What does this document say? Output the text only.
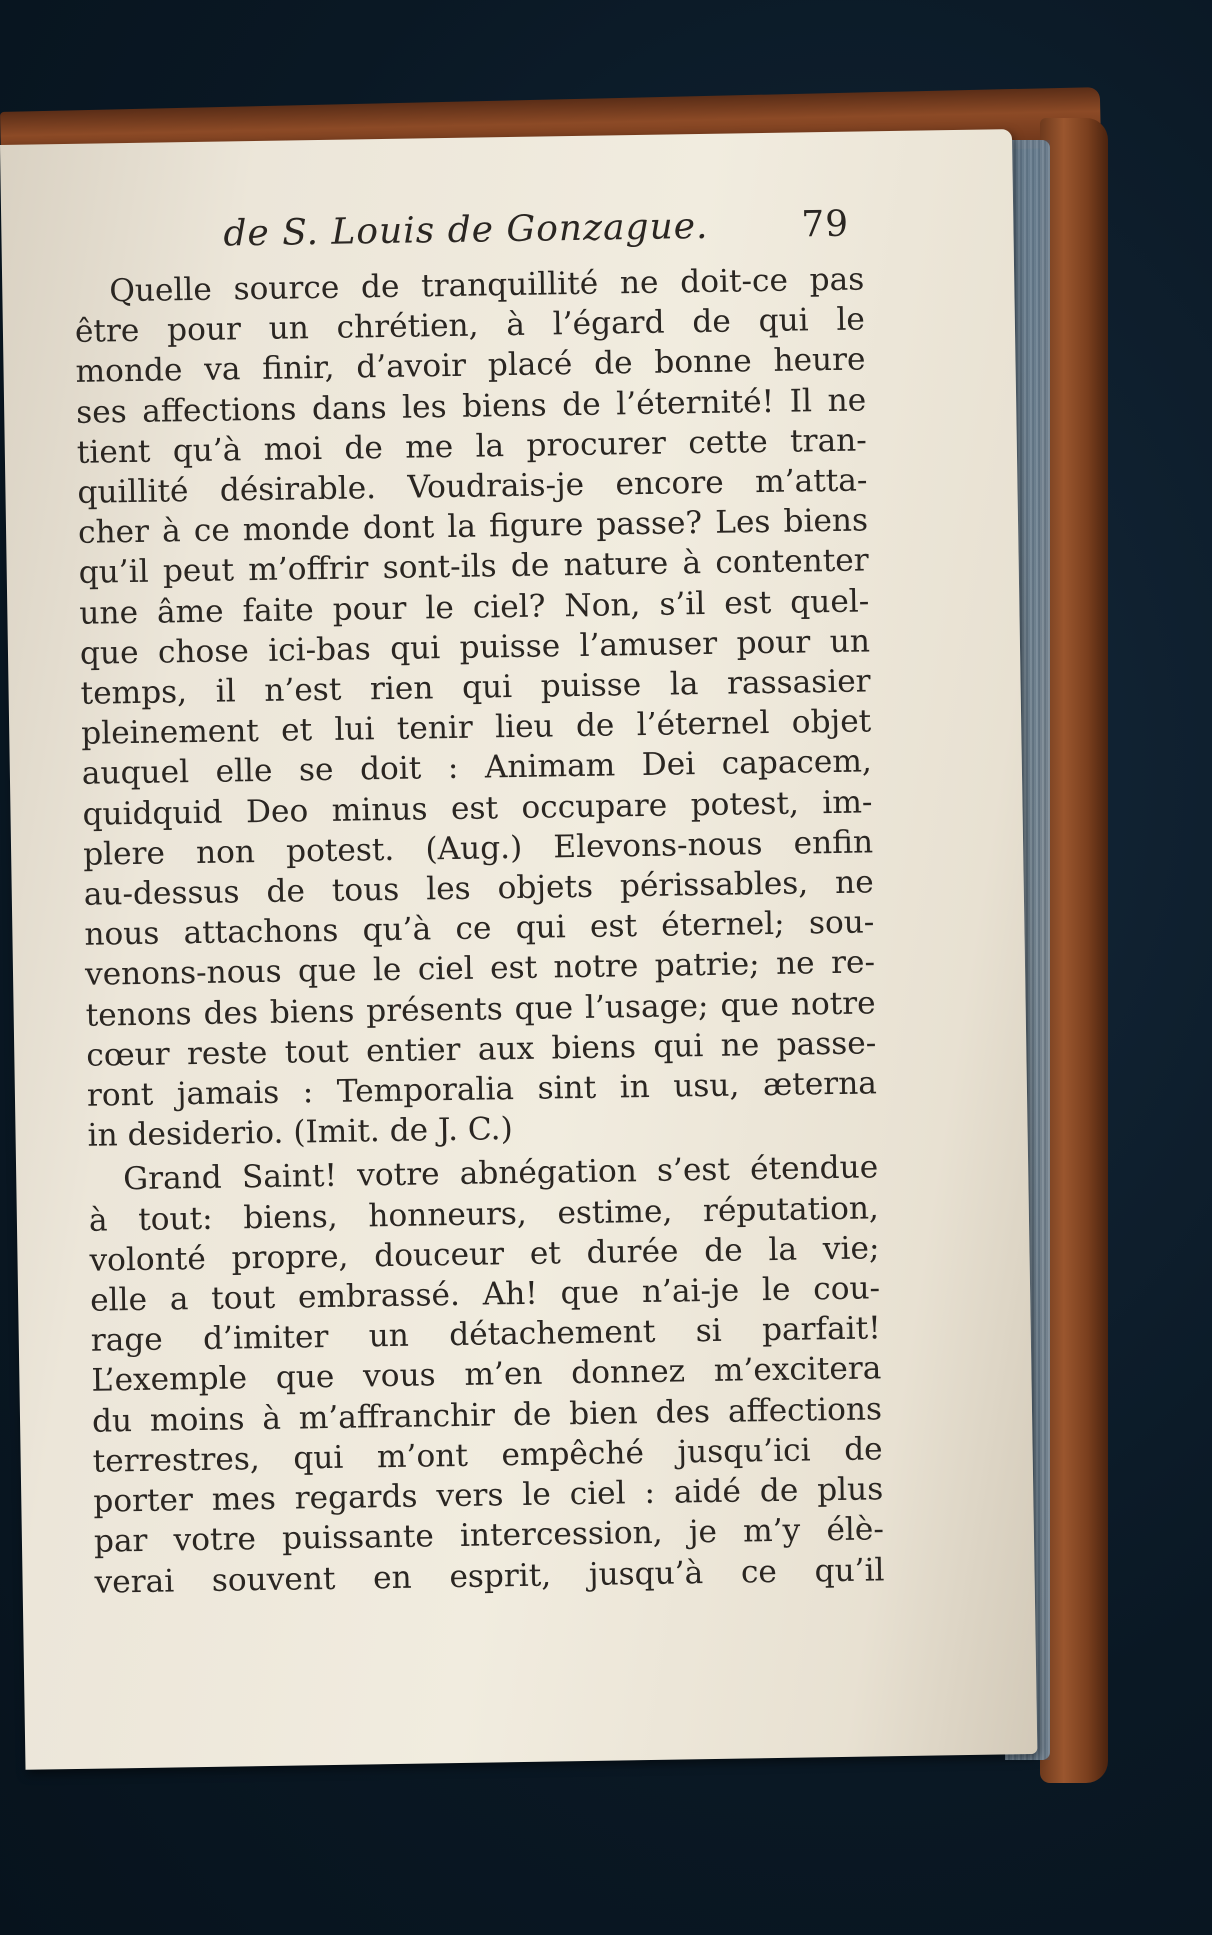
de S. Louis de Gonzague.	79

Quelle source de tranquillité ne doit-ce pas
être pour un chrétien, à l’égard de qui le
monde va finir, d’avoir placé de bonne heure
ses affections dans les biens de l’éternité! Il ne
tient qu’à moi de me la procurer cette tran-
quillité désirable. Voudrais-je encore m’atta-
cher à ce monde dont la figure passe? Les biens
qu’il peut m’offrir sont-ils de nature à contenter
une âme faite pour le ciel? Non, s’il est quel-
que chose ici-bas qui puisse l’amuser pour un
temps, il n’est rien qui puisse la rassasier
pleinement et lui tenir lieu de l’éternel objet
auquel elle se doit : Animam Dei capacem,
quidquid Deo minus est occupare potest, im-
plere non potest. (Aug.) Elevons-nous enfin
au-dessus de tous les objets périssables, ne
nous attachons qu’à ce qui est éternel; sou-
venons-nous que le ciel est notre patrie; ne re-
tenons des biens présents que l’usage; que notre
cœur reste tout entier aux biens qui ne passe-
ront jamais : Temporalia sint in usu, æterna
in desiderio. (Imit. de J. C.)

Grand Saint! votre abnégation s’est étendue
à tout: biens, honneurs, estime, réputation,
volonté propre, douceur et durée de la vie;
elle a tout embrassé. Ah! que n’ai-je le cou-
rage d’imiter un détachement si parfait!
L’exemple que vous m’en donnez m’excitera
du moins à m’affranchir de bien des affections
terrestres, qui m’ont empêché jusqu’ici de
porter mes regards vers le ciel : aidé de plus
par votre puissante intercession, je m’y élè-
verai souvent en esprit, jusqu’à ce qu’il
